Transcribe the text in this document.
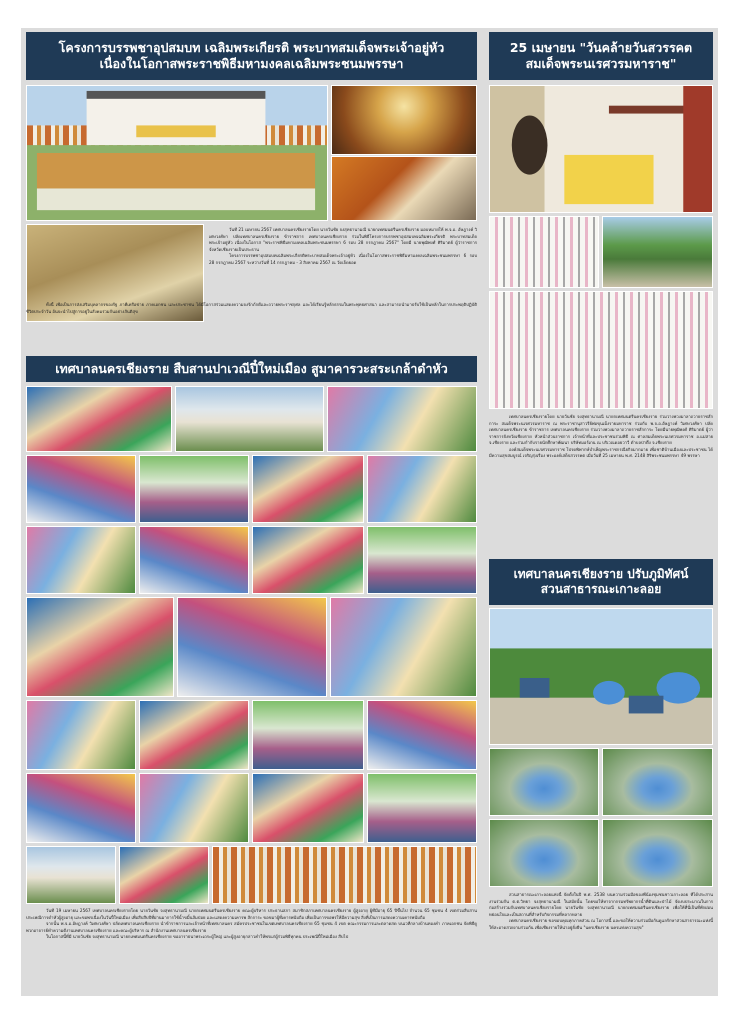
โครงการบรรพชาอุปสมบท เฉลิมพระเกียรติ พระบาทสมเด็จพระเจ้าอยู่หัว
เนื่องในโอกาสพระราชพิธีมหามงคลเฉลิมพระชนมพรรษา

วันที่ 21 เมษายน 2567 เทศบาลนครเชียงรายโดย นายวันชัย จงสุทธานามณี นายกเทศมนตรีนครเชียงราย มอบหมายให้ พ.จ.อ. อัษฎางค์ วิเศษวงศ์ษา ปลัดเทศบาลนครเชียงราย ข้าราชการ เทศบาลนครเชียงราย ร่วมในพิธีโครงการบรรพชาอุปสมบทเฉลิมพระเกียรติ พระบาทสมเด็จพระเจ้าอยู่หัว เนื่องในโอกาส "พระราชพิธีมหามงคลเฉลิมพระชนมพรรษา 6 รอบ 28 กรกฎาคม 2567" โดยมี นายพุฒิพงศ์ ศิริมาตย์ ผู้ว่าราชการจังหวัดเชียงรายเป็นประธาน

โครงการบรรพชาอุปสมบทเฉลิมพระเกียรติพระบาทสมเด็จพระเจ้าอยู่หัว เนื่องในโอกาสพระราชพิธีมหามงคลเฉลิมพระชนมพรรษา 6 รอบ 28 กรกฎาคม 2567 ระหว่างวันที่ 14 กรกฎาคม - 3 สิงหาคม 2567 ณ วัดเจ็ดยอด

ทั้งนี้ เพื่อเป็นการส่งเสริมบุคลากรของรัฐ ภาคีเครือข่าย ภาคเอกชน และประชาชน ได้มีโอกาสร่วมแสดงความจงรักภักดีและถวายพระราชกุศล และได้เรียนรู้หลักธรรมในพระพุทธศาสนา และสามารถนำมาปรับใช้เป็นหลักในการประพฤติปฏิบัติชีวิตประจำวัน อันจะนำไปสู่การอยู่ในสังคมร่วมกันอย่างสันติสุข

เทศบาลนครเชียงราย สืบสานปาเวณีปี๋ใหม่เมือง สูมาคารวะสระเกล้าดำหัว

วันที่ 19 เมษายน 2567 เทศบาลนครเชียงรายโดย นายวันชัย จงสุทธานามณี นายกเทศมนตรีนครเชียงราย คณะผู้บริหาร ประธานสภา สมาชิกสภาเทศบาลนครเชียงราย ผู้สูงอายุ ผู้ที่มีอายุ 65 ปีขึ้นไป จำนวน 65 ชุมชน 4 เขตร่วมสืบสานประเพณีการดำหัวผู้สูงอายุ และขอพรเนื่องในวันปี๋ใหม่เมือง เพื่อสืบสืบปีที่ผ่านมาการใช้น้ำขมิ้นส้มป่อย และแสดงความเคารพ สักการะ ขอขมาผู้ที่เคารพนับถือ เพื่อเป็นการขอพรให้มีความสุข สิ่งที่เป็นการแสดงความเคารพนับถือ

จากนั้น พ.จ.อ.อัษฎางค์ วิเศษวงศ์ษา ปลัดเทศบาลนครเชียงราย นำข้าราชการและเจ้าหน้าที่เทศบาลนคร สมัครประชาชนในเขตเทศบาลนครเชียงราย 65 ชุมชน 4 เขต คณะกรรมการและตลาดสด บนเวทีกลางบ้านทองคำ ภาคเอกชน จัดพิธีดูพวกอาจารย์ทำความดีงานเทศบาลนครเชียงราย และคณะผู้บริหาร ณ สำนักงานเทศบาลนครเชียงราย

ในโอกาสนี้ที่มี นายวันชัย จงสุทธานามณี นายกเทศมนตรีนครเชียงราย ขออาราธนาพระเถระผู้ใหญ่ และผู้สูงอายุกล่าวคำให้พรแก่ผู้ร่วมพิธีทุกคน ประเพณีปี๋ใหม่เมือง สืบไป

25 เมษายน "วันคล้ายวันสวรรคต
สมเด็จพระนเรศวรมหาราช"

เทศบาลนครเชียงรายโดย นายวันชัย จงสุทธานามณี นายกเทศมนตรีนครเชียงราย ร่วมวางพวงมาลาถวายราชสักการะ สมเด็จพระนเรศวรมหาราช ณ พระราชานุสาวรีย์พ่อขุนเม็งรายมหาราช ร่วมกับ พ.จ.อ.อัษฎางค์ วิเศษวงศ์ษา ปลัดเทศบาลนครเชียงราย ข้าราชการ เทศบาลนครเชียงราย ร่วมวางพวงมาลาถวายราชสักการะ โดยมีนายพุฒิพงศ์ ศิริมาตย์ ผู้ว่าราชการจังหวัดเชียงราย หัวหน้าส่วนราชการ เจ้าหน้าที่และประชาชนร่วมพิธี ณ ศาลสมเด็จพระนเรศวรมหาราช อ.แม่สาย จ.เชียงราย และร่วมกำกับรายนักศึกษาพัฒนา บริษัทมอร์เกน ณ บริเวณดอยวาวี ตำบลป่าตึง จ.เชียงราย

องค์สมเด็จพระนเรศวรมหาราช โปรดพิพากษ์บำเพ็ญพระราชกรณียกิจมากมาย เพื่อชาติบ้านเมืองและประชาชน ได้มีความสุขสมบูรณ์ เจริญรุ่งเรือง พระองค์เสด็จสวรรคต เมื่อวันที่ 25 เมษายน พ.ศ. 2148 สิริพระชนมพรรษา 49 พรรษา

เทศบาลนครเชียงราย ปรับภูมิทัศน์
สวนสาธารณะเกาะลอย

สวนสาธารณะเกาะลอยแห่งนี้ จัดตั้งในปี พ.ศ. 2538 บนความร่วมมือของพี่น้องชุมชนชาวเกาะลอย ที่ได้ประสานงานร่วมกัน ต.ต.วิทยา จงสุทธานามณี ในสมัยนั้น โดยขอให้หาจากกรมทรัพยากรน้ำที่ดินและป่าไม้ จัดงบประมาณในการก่อสร้างร่วมกับเทศบาลนครเชียงรายโดย นายวันชัย จงสุทธานามณี นายกเทศมนตรีนครเชียงราย เพื่อให้ที่นี่เป็นที่พักผ่อนหย่อนใจและเป็นสถานที่สำหรับกิจกรรมที่หลากหลาย

เทศบาลนครเชียงราย ขอขอบคุณทุกภาคส่วน ณ โอกาสนี้ และขอให้ความร่วมมือกันดูแลรักษาสวนสาธารณะแห่งนี้ให้สะอาดสวยงามร่วมกัน เพื่อเชียงรายให้น่าอยู่ยั่งยืน "นครเชียงราย นครแห่งความสุข"
